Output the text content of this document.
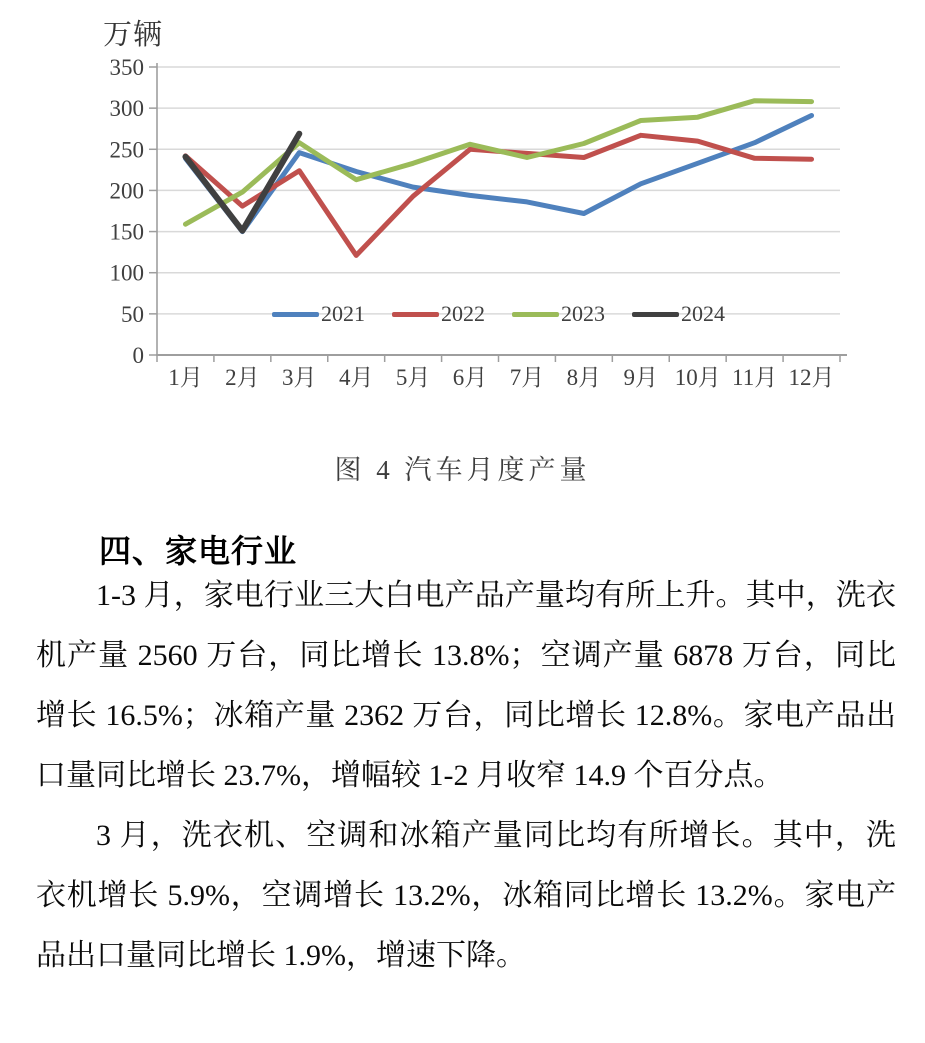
万辆
0
50
100
150
200
250
300
350
1月 2月 3月 4月 5月 6月 7月 8月 9月 10月 11月 12月
2021	2022	2023	2024
图 4 汽车月度产量
四、家电行业

1-3 月，家电行业三大白电产品产量均有所上升。其中，洗衣机产量 2560 万台，同比增长 13.8%；空调产量 6878 万台，同比增长 16.5%；冰箱产量 2362 万台，同比增长 12.8%。家电产品出口量同比增长 23.7%，增幅较 1-2 月收窄 14.9 个百分点。

3 月，洗衣机、空调和冰箱产量同比均有所增长。其中，洗衣机增长 5.9%，空调增长 13.2%，冰箱同比增长 13.2%。家电产品出口量同比增长 1.9%，增速下降。
